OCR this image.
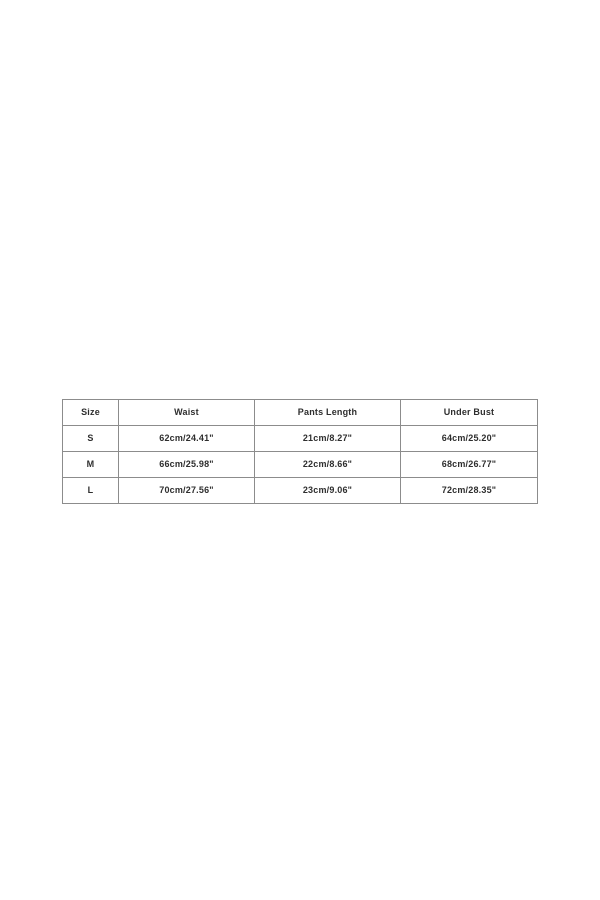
Size	Waist	Pants Length	Under Bust
S	62cm/24.41"	21cm/8.27"	64cm/25.20"
M	66cm/25.98"	22cm/8.66"	68cm/26.77"
L	70cm/27.56"	23cm/9.06"	72cm/28.35"
